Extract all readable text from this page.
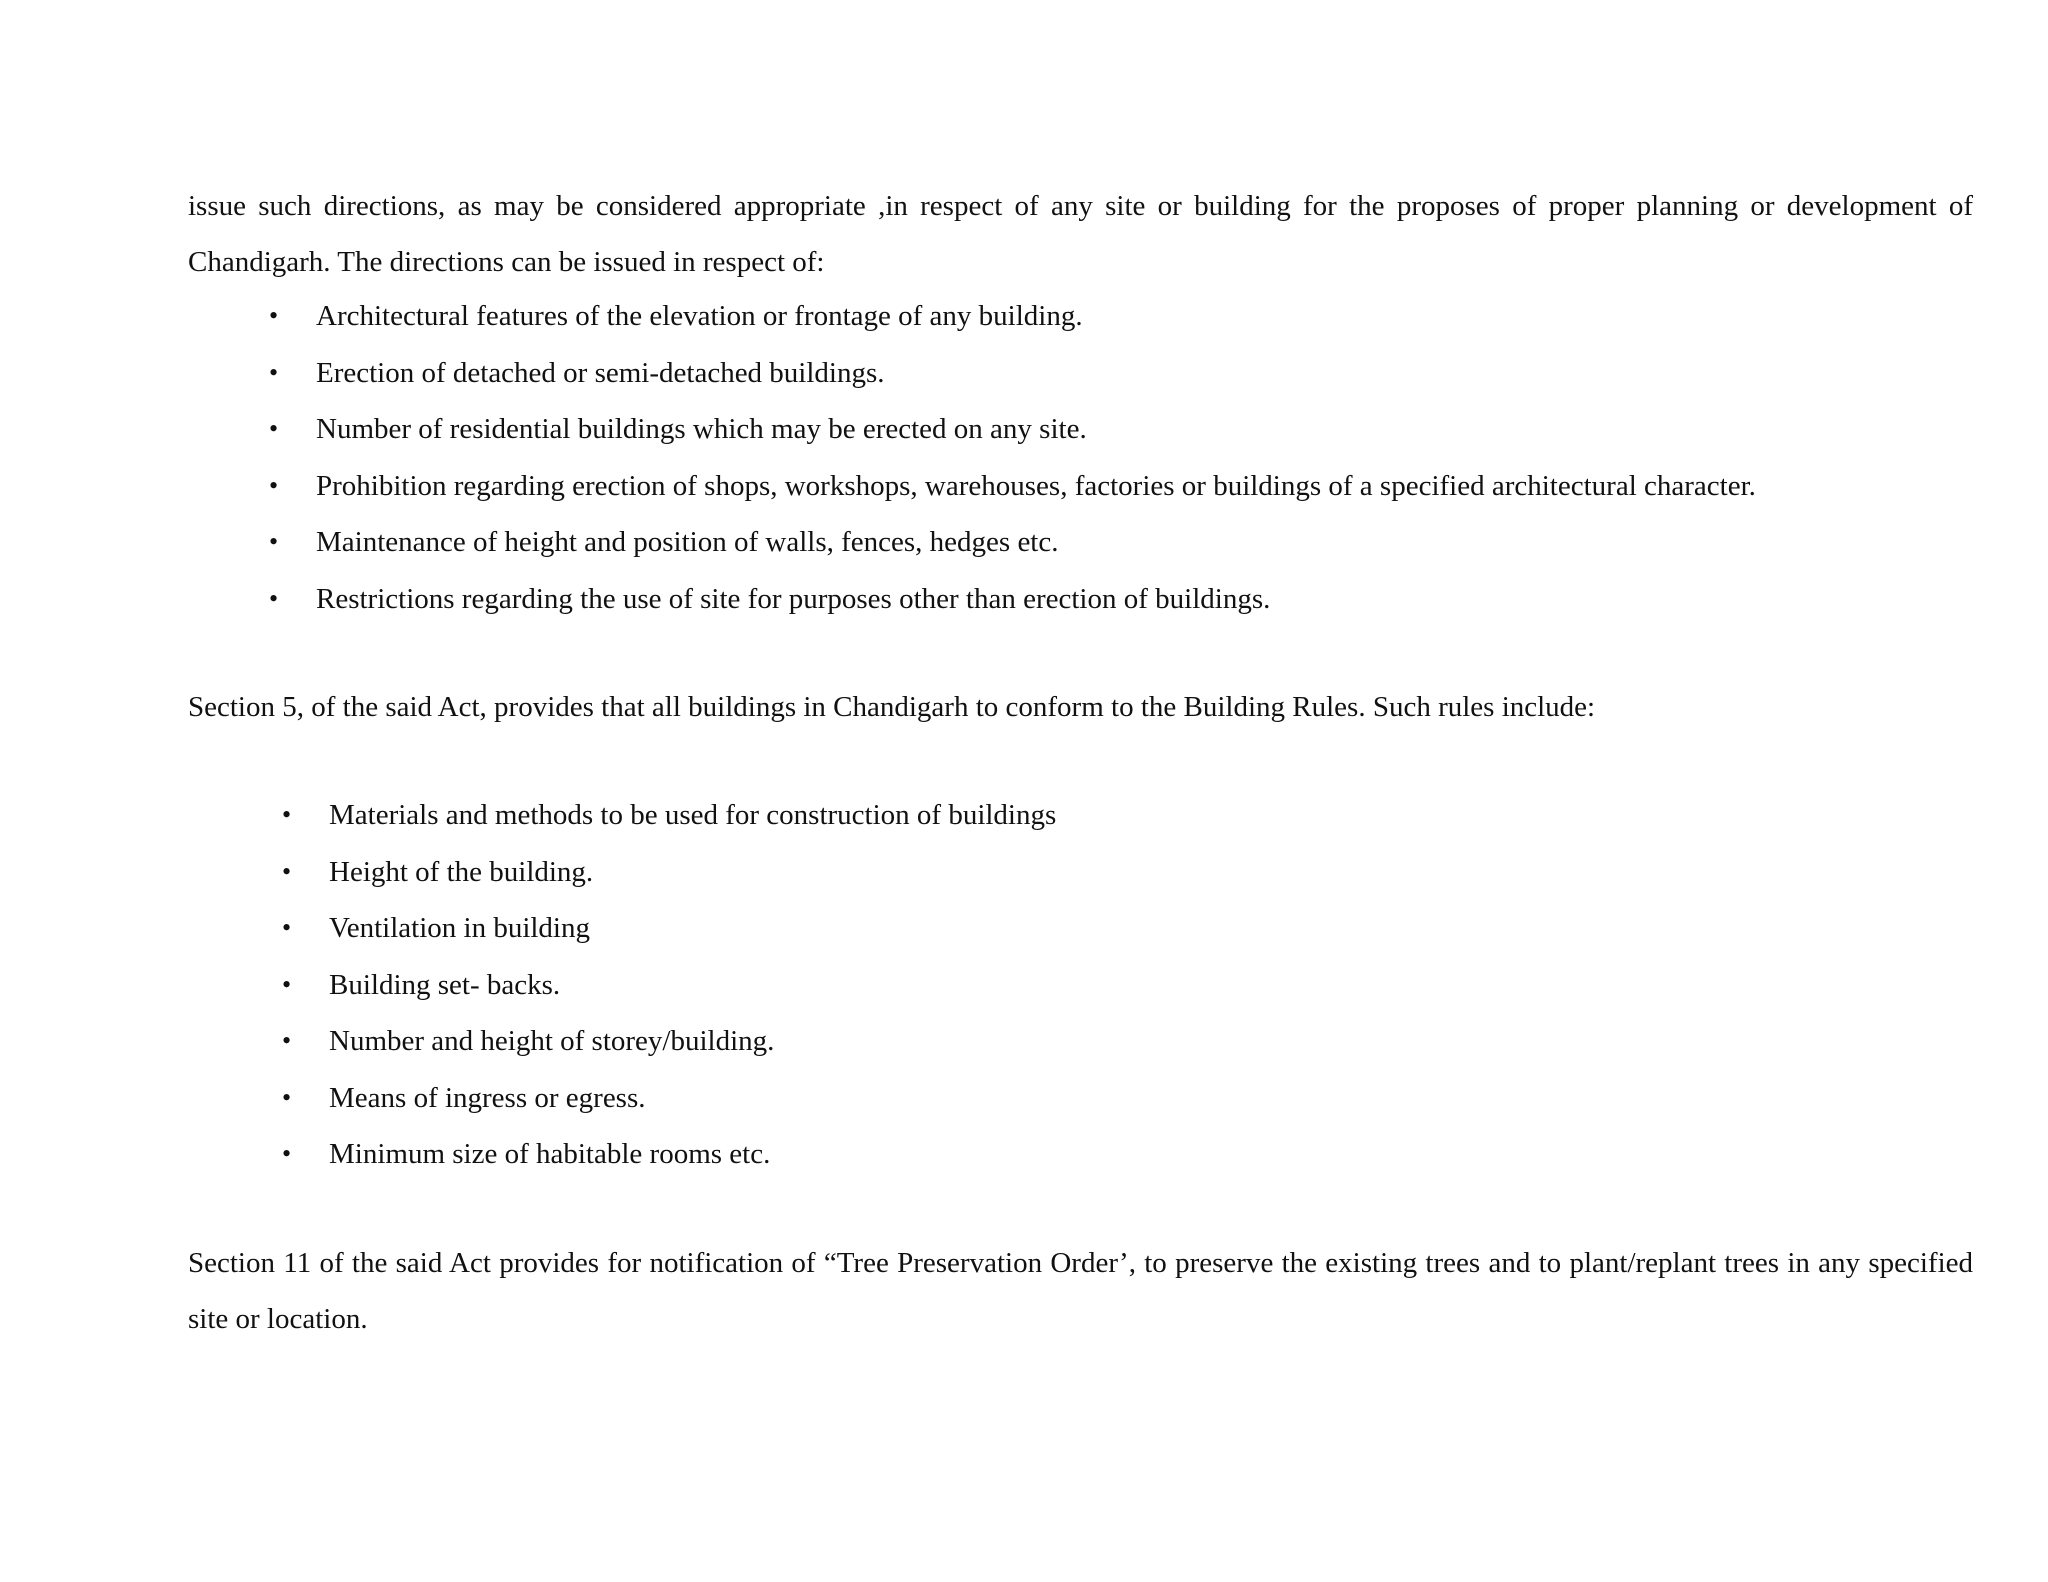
issue such directions, as may be considered appropriate ,in respect of any site or building for the proposes of proper planning or development of Chandigarh. The directions can be issued in respect of:

• Architectural features of the elevation or frontage of any building.
• Erection of detached or semi-detached buildings.
• Number of residential buildings which may be erected on any site.
• Prohibition regarding erection of shops, workshops, warehouses, factories or buildings of a specified architectural character.
• Maintenance of height and position of walls, fences, hedges etc.
• Restrictions regarding the use of site for purposes other than erection of buildings.

Section 5, of the said Act, provides that all buildings in Chandigarh to conform to the Building Rules. Such rules include:

• Materials and methods to be used for construction of buildings
• Height of the building.
• Ventilation in building
• Building set- backs.
• Number and height of storey/building.
• Means of ingress or egress.
• Minimum size of habitable rooms etc.

Section 11 of the said Act provides for notification of “Tree Preservation Order’, to preserve the existing trees and to plant/replant trees in any specified site or location.
